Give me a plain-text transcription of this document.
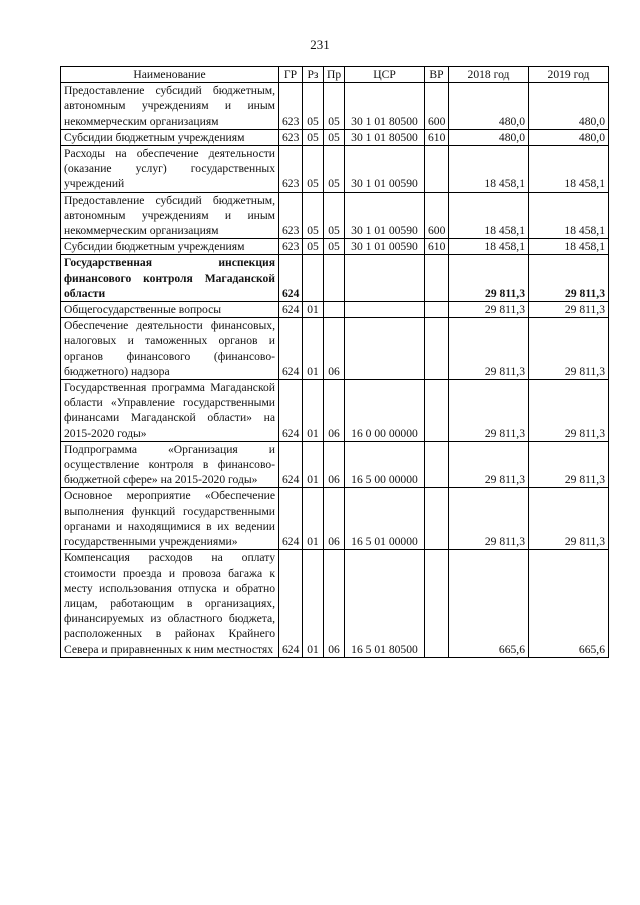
231
Наименование	ГР	Рз	Пр	ЦСР	ВР	2018 год	2019 год
Предоставление субсидий бюджетным, автономным учреждениям и иным некоммерческим организациям	623	05	05	30 1 01 80500	600	480,0	480,0
Субсидии бюджетным учреждениям	623	05	05	30 1 01 80500	610	480,0	480,0
Расходы на обеспечение деятельности (оказание услуг) государственных учреждений	623	05	05	30 1 01 00590		18 458,1	18 458,1
Предоставление субсидий бюджетным, автономным учреждениям и иным некоммерческим организациям	623	05	05	30 1 01 00590	600	18 458,1	18 458,1
Субсидии бюджетным учреждениям	623	05	05	30 1 01 00590	610	18 458,1	18 458,1
Государственная инспекция финансового контроля Магаданской области	624					29 811,3	29 811,3
Общегосударственные вопросы	624	01				29 811,3	29 811,3
Обеспечение деятельности финансовых, налоговых и таможенных органов и органов финансового (финансово-бюджетного) надзора	624	01	06			29 811,3	29 811,3
Государственная программа Магаданской области «Управление государственными финансами Магаданской области» на 2015-2020 годы»	624	01	06	16 0 00 00000		29 811,3	29 811,3
Подпрограмма «Организация и осуществление контроля в финансово-бюджетной сфере» на 2015-2020 годы»	624	01	06	16 5 00 00000		29 811,3	29 811,3
Основное мероприятие «Обеспечение выполнения функций государственными органами и находящимися в их ведении государственными учреждениями»	624	01	06	16 5 01 00000		29 811,3	29 811,3
Компенсация расходов на оплату стоимости проезда и провоза багажа к месту использования отпуска и обратно лицам, работающим в организациях, финансируемых из областного бюджета, расположенных в районах Крайнего Севера и приравненных к ним местностях	624	01	06	16 5 01 80500		665,6	665,6
